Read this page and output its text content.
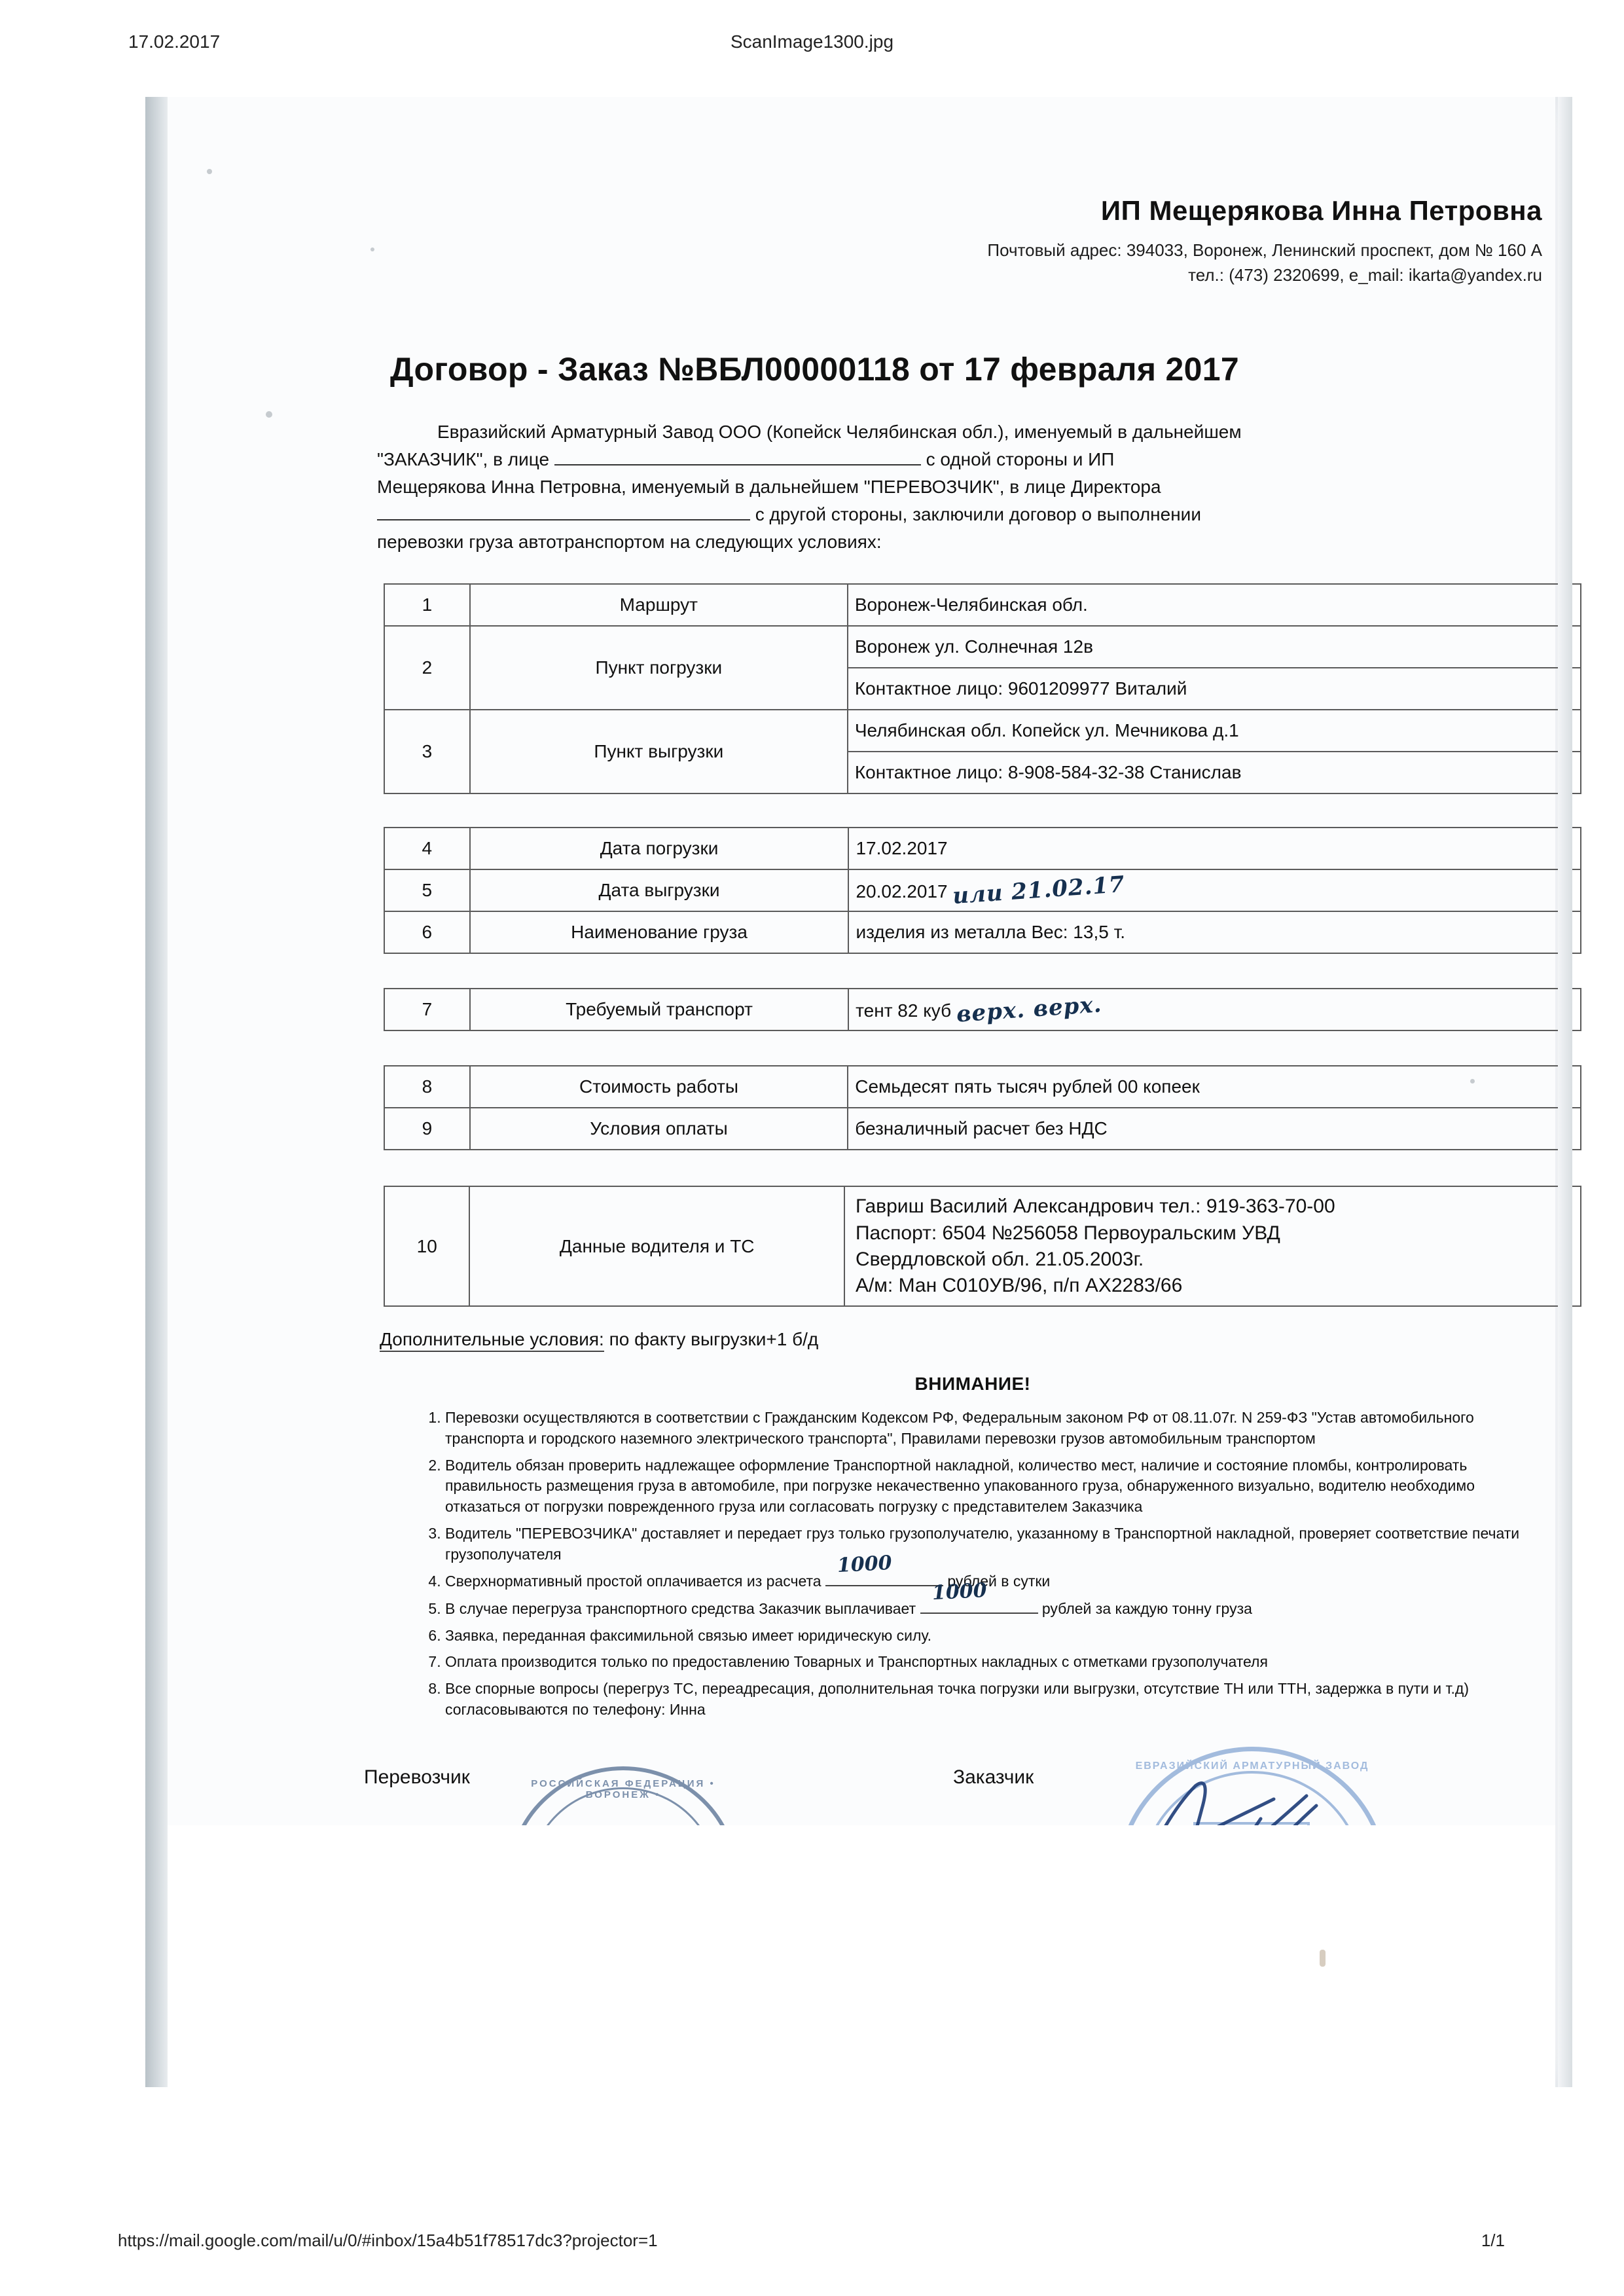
17.02.2017	ScanImage1300.jpg
ИП Мещерякова Инна Петровна
Почтовый адрес: 394033, Воронеж, Ленинский проспект, дом № 160 А
тел.: (473) 2320699, e_mail: ikarta@yandex.ru
Договор - Заказ №ВБЛ00000118 от 17 февраля 2017
Евразийский Арматурный Завод ООО (Копейск Челябинская обл.), именуемый в дальнейшем
"ЗАКАЗЧИК", в лице	с одной стороны и ИП
Мещерякова Инна Петровна, именуемый в дальнейшем "ПЕРЕВОЗЧИК", в лице Директора
с другой стороны, заключили договор о выполнении
перевозки груза автотранспортом на следующих условиях:
1	Маршрут	Воронеж-Челябинская обл.
2	Пункт погрузки	Воронеж ул. Солнечная 12в
		Контактное лицо: 9601209977 Виталий
3	Пункт выгрузки	Челябинская обл. Копейск ул. Мечникова д.1
		Контактное лицо: 8-908-584-32-38 Станислав
4	Дата погрузки	17.02.2017
5	Дата выгрузки	20.02.2017 или 21.02.17
6	Наименование груза	изделия из металла Вес: 13,5 т.
7	Требуемый транспорт	тент 82 куб верх. верх.
8	Стоимость работы	Семьдесят пять тысяч рублей 00 копеек
9	Условия оплаты	безналичный расчет без НДС
10	Данные водителя и ТС	
Гавриш Василий Александрович тел.: 919-363-70-00
Паспорт: 6504 №256058 Первоуральским УВД
Свердловской обл. 21.05.2003г.
А/м: Ман С010УВ/96, п/п АХ2283/66
Дополнительные условия: по факту выгрузки+1 б/д
ВНИМАНИЕ!
1. Перевозки осуществляются в соответствии с Гражданским Кодексом РФ, Федеральным законом РФ от 08.11.07г. N 259-ФЗ "Устав автомобильного транспорта и городского наземного электрического транспорта", Правилами перевозки грузов автомобильным транспортом
2. Водитель обязан проверить надлежащее оформление Транспортной накладной, количество мест, наличие и состояние пломбы, контролировать правильность размещения груза в автомобиле, при погрузке некачественно упакованного груза, обнаруженного визуально, водителю необходимо отказаться от погрузки поврежденного груза или согласовать погрузку с представителем Заказчика
3. Водитель "ПЕРЕВОЗЧИКА" доставляет и передает груз только грузополучателю, указанному в Транспортной накладной, проверяет соответствие печати грузополучателя
4. Сверхнормативный простой оплачивается из расчета
1000
рублей в сутки
5. В случае перегруза транспортного средства Заказчик выплачивает
1000
рублей за каждую тонну груза
6. Заявка, переданная факсимильной связью имеет юридическую силу.
7. Оплата производится только по предоставлению Товарных и Транспортных накладных с отметками грузополучателя
8. Все спорные вопросы (перегруз ТС, переадресация, дополнительная точка погрузки или выгрузки, отсутствие ТН или ТТН, задержка в пути и т.д) согласовываются по телефону: Инна
Перевозчик	Заказчик
РОССИЙСКАЯ ФЕДЕРАЦИЯ • ВОРОНЕЖ •
ЕВРАЗИЙСКИЙ АРМАТУРНЫЙ ЗАВОД
https://mail.google.com/mail/u/0/#inbox/15a4b51f78517dc3?projector=1	1/1
